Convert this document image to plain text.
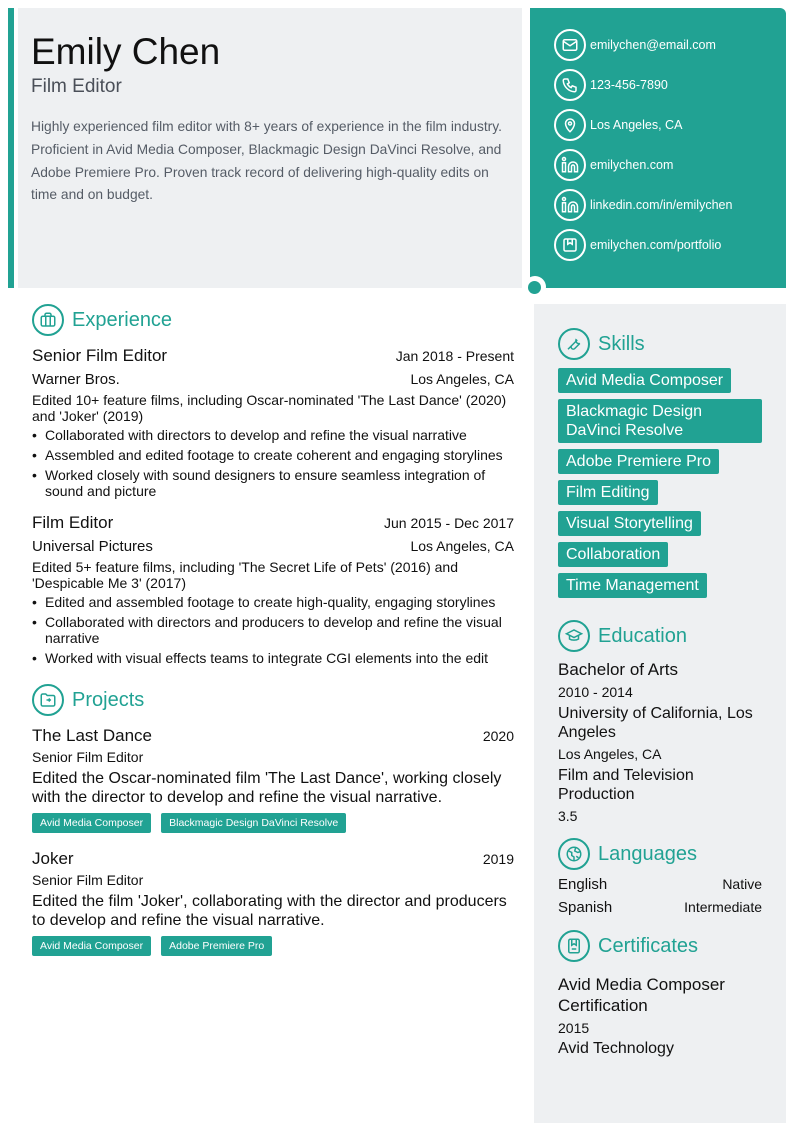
Emily Chen
Film Editor
Highly experienced film editor with 8+ years of experience in the film industry. Proficient in Avid Media Composer, Blackmagic Design DaVinci Resolve, and Adobe Premiere Pro. Proven track record of delivering high-quality edits on time and on budget.
emilychen@email.com
123-456-7890
Los Angeles, CA
emilychen.com
linkedin.com/in/emilychen
emilychen.com/portfolio
Experience
Senior Film Editor	Jan 2018 - Present
Warner Bros.	Los Angeles, CA
Edited 10+ feature films, including Oscar-nominated 'The Last Dance' (2020) and 'Joker' (2019)
• Collaborated with directors to develop and refine the visual narrative
• Assembled and edited footage to create coherent and engaging storylines
• Worked closely with sound designers to ensure seamless integration of sound and picture
Film Editor	Jun 2015 - Dec 2017
Universal Pictures	Los Angeles, CA
Edited 5+ feature films, including 'The Secret Life of Pets' (2016) and 'Despicable Me 3' (2017)
• Edited and assembled footage to create high-quality, engaging storylines
• Collaborated with directors and producers to develop and refine the visual narrative
• Worked with visual effects teams to integrate CGI elements into the edit
Projects
The Last Dance	2020
Senior Film Editor
Edited the Oscar-nominated film 'The Last Dance', working closely with the director to develop and refine the visual narrative.
Avid Media Composer	Blackmagic Design DaVinci Resolve
Joker	2019
Senior Film Editor
Edited the film 'Joker', collaborating with the director and producers to develop and refine the visual narrative.
Avid Media Composer	Adobe Premiere Pro
Skills
Avid Media Composer
Blackmagic Design DaVinci Resolve
Adobe Premiere Pro
Film Editing
Visual Storytelling
Collaboration
Time Management
Education
Bachelor of Arts
2010 - 2014
University of California, Los Angeles
Los Angeles, CA
Film and Television Production
3.5
Languages
English	Native
Spanish	Intermediate
Certificates
Avid Media Composer Certification
2015
Avid Technology
